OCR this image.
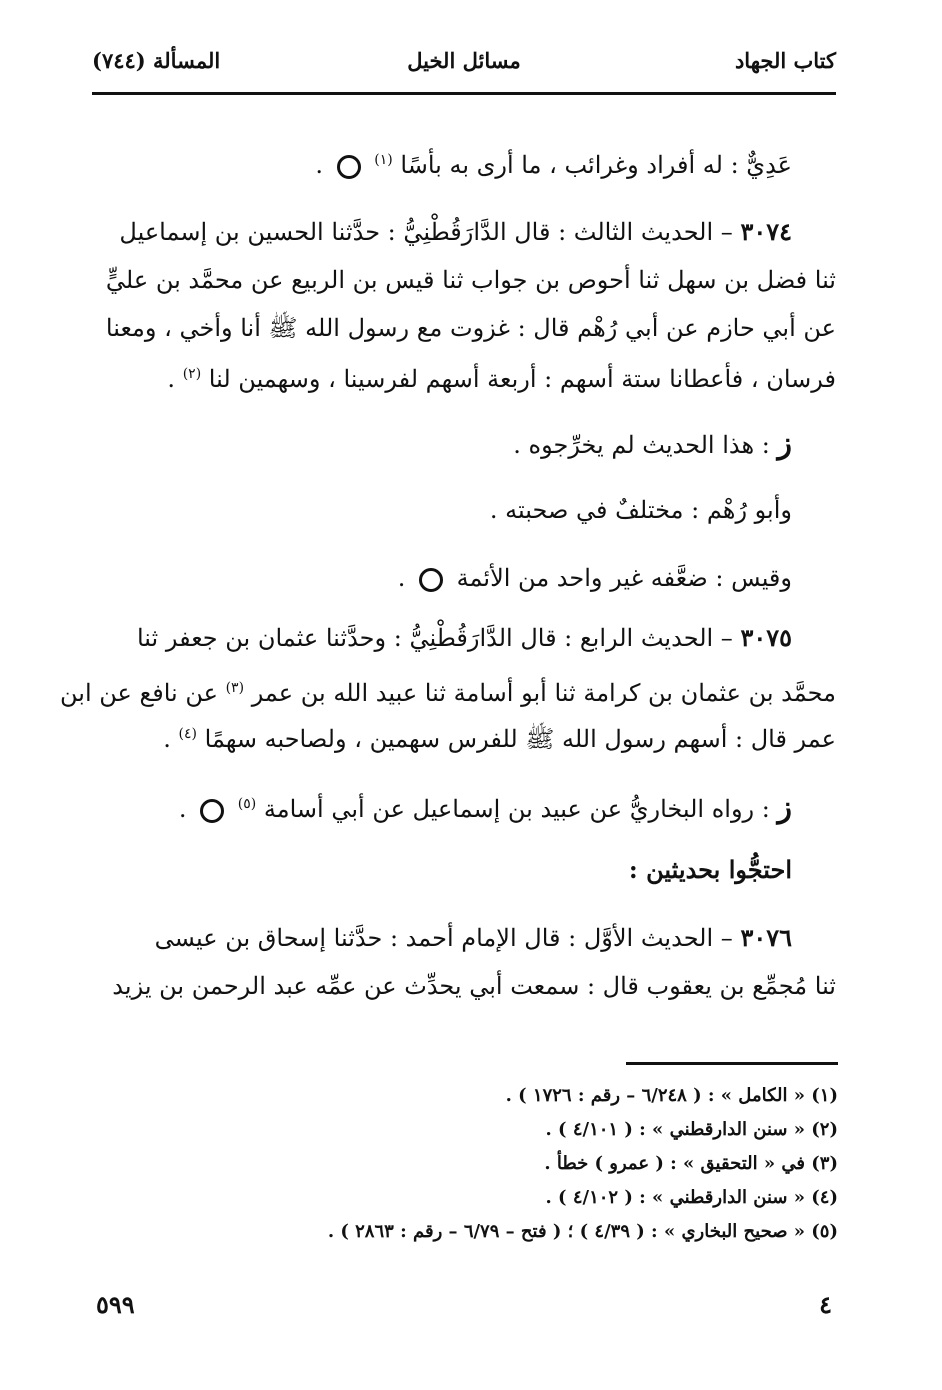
كتاب الجهاد
مسائل الخيل
المسألة (٧٤٤)
عَدِيٌّ : له أفراد وغرائب ، ما أرى به بأسًا $^{(١)}$  .
٣٠٧٤ – الحديث الثالث : قال الدَّارَقُطْنِيُّ : حدَّثنا الحسين بن إسماعيل
ثنا فضل بن سهل ثنا أحوص بن جواب ثنا قيس بن الربيع عن محمَّد بن عليٍّ
عن أبي حازم عن أبي رُهْم قال : غزوت مع رسول الله ﷺ أنا وأخي ، ومعنا
فرسان ، فأعطانا ستة أسهم : أربعة أسهم لفرسينا ، وسهمين لنا $^{(٢)}$ .
ز : هذا الحديث لم يخرِّجوه .
وأبو رُهْم : مختلفٌ في صحبته .
وقيس : ضعَّفه غير واحد من الأئمة  .
٣٠٧٥ – الحديث الرابع : قال الدَّارَقُطْنِيُّ : وحدَّثنا عثمان بن جعفر ثنا
محمَّد بن عثمان بن كرامة ثنا أبو أسامة ثنا عبيد الله بن عمر $^{(٣)}$ عن نافع عن ابن
عمر قال : أسهم رسول الله ﷺ للفرس سهمين ، ولصاحبه سهمًا $^{(٤)}$ .
ز : رواه البخاريُّ عن عبيد بن إسماعيل عن أبي أسامة $^{(٥)}$  .
احتجُّوا بحديثين :
٣٠٧٦ – الحديث الأوَّل : قال الإمام أحمد : حدَّثنا إسحاق بن عيسى
ثنا مُجمِّع بن يعقوب قال : سمعت أبي يحدِّث عن عمِّه عبد الرحمن بن يزيد
(١) « الكامل » : ( ٦/٢٤٨ – رقم : ١٧٢٦ ) .
(٢) « سنن الدارقطني » : ( ٤/١٠١ ) .
(٣) في « التحقيق » : ( عمرو ) خطأ .
(٤) « سنن الدارقطني » : ( ٤/١٠٢ ) .
(٥) « صحيح البخاري » : ( ٤/٣٩ ) ؛ ( فتح – ٦/٧٩ – رقم : ٢٨٦٣ ) .
٤
٥٩٩
